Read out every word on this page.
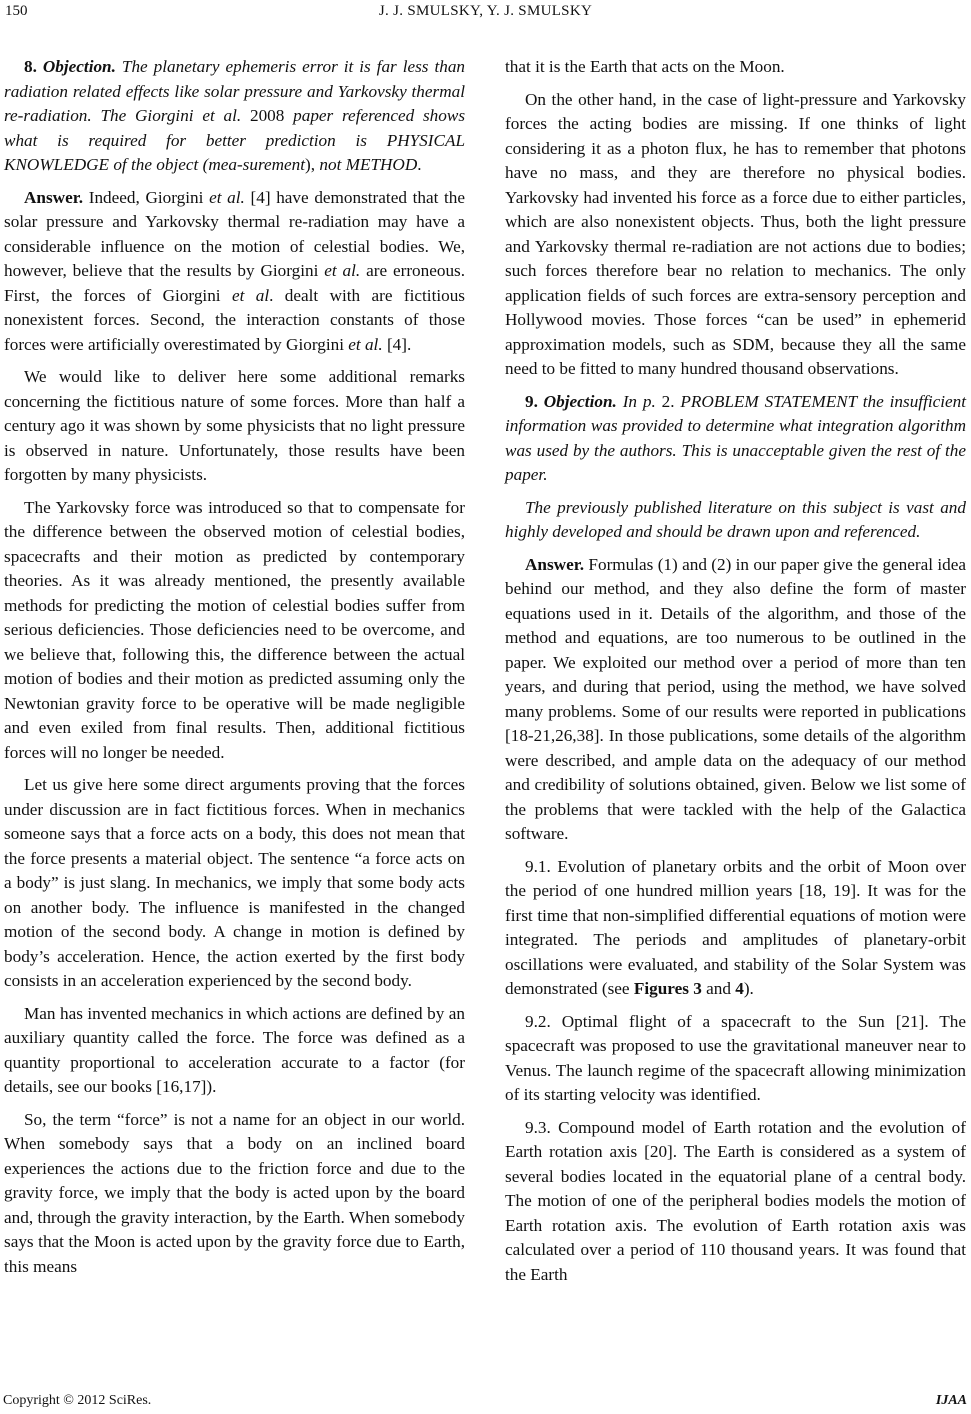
150	J. J. SMULSKY, Y. J. SMULSKY

8. Objection. The planetary ephemeris error it is far less than radiation related effects like solar pressure and Yarkovsky thermal re-radiation. The Giorgini et al. 2008 paper referenced shows what is required for better prediction is PHYSICAL KNOWLEDGE of the object (mea-surement), not METHOD.

Answer. Indeed, Giorgini et al. [4] have demonstrated that the solar pressure and Yarkovsky thermal re-radiation may have a considerable influence on the motion of celestial bodies. We, however, believe that the results by Giorgini et al. are erroneous. First, the forces of Giorgini et al. dealt with are fictitious nonexistent forces. Second, the interaction constants of those forces were artificially overestimated by Giorgini et al. [4].

We would like to deliver here some additional remarks concerning the fictitious nature of some forces. More than half a century ago it was shown by some physicists that no light pressure is observed in nature. Unfortunately, those results have been forgotten by many physicists.

The Yarkovsky force was introduced so that to compensate for the difference between the observed motion of celestial bodies, spacecrafts and their motion as predicted by contemporary theories. As it was already mentioned, the presently available methods for predicting the motion of celestial bodies suffer from serious deficiencies. Those deficiencies need to be overcome, and we believe that, following this, the difference between the actual motion of bodies and their motion as predicted assuming only the Newtonian gravity force to be operative will be made negligible and even exiled from final results. Then, additional fictitious forces will no longer be needed.

Let us give here some direct arguments proving that the forces under discussion are in fact fictitious forces. When in mechanics someone says that a force acts on a body, this does not mean that the force presents a material object. The sentence “a force acts on a body” is just slang. In mechanics, we imply that some body acts on another body. The influence is manifested in the changed motion of the second body. A change in motion is defined by body’s acceleration. Hence, the action exerted by the first body consists in an acceleration experienced by the second body.

Man has invented mechanics in which actions are defined by an auxiliary quantity called the force. The force was defined as a quantity proportional to acceleration accurate to a factor (for details, see our books [16,17]).

So, the term “force” is not a name for an object in our world. When somebody says that a body on an inclined board experiences the actions due to the friction force and due to the gravity force, we imply that the body is acted upon by the board and, through the gravity interaction, by the Earth. When somebody says that the Moon is acted upon by the gravity force due to Earth, this means

that it is the Earth that acts on the Moon.

On the other hand, in the case of light-pressure and Yarkovsky forces the acting bodies are missing. If one thinks of light considering it as a photon flux, he has to remember that photons have no mass, and they are therefore no physical bodies. Yarkovsky had invented his force as a force due to either particles, which are also nonexistent objects. Thus, both the light pressure and Yarkovsky thermal re-radiation are not actions due to bodies; such forces therefore bear no relation to mechanics. The only application fields of such forces are extra-sensory perception and Hollywood movies. Those forces “can be used” in ephemerid approximation models, such as SDM, because they all the same need to be fitted to many hundred thousand observations.

9. Objection. In p. 2. PROBLEM STATEMENT the insufficient information was provided to determine what integration algorithm was used by the authors. This is unacceptable given the rest of the paper.

The previously published literature on this subject is vast and highly developed and should be drawn upon and referenced.

Answer. Formulas (1) and (2) in our paper give the general idea behind our method, and they also define the form of master equations used in it. Details of the algorithm, and those of the method and equations, are too numerous to be outlined in the paper. We exploited our method over a period of more than ten years, and during that period, using the method, we have solved many problems. Some of our results were reported in publications [18-21,26,38]. In those publications, some details of the algorithm were described, and ample data on the adequacy of our method and credibility of solutions obtained, given. Below we list some of the problems that were tackled with the help of the Galactica software.

9.1. Evolution of planetary orbits and the orbit of Moon over the period of one hundred million years [18, 19]. It was for the first time that non-simplified differential equations of motion were integrated. The periods and amplitudes of planetary-orbit oscillations were evaluated, and stability of the Solar System was demonstrated (see Figures 3 and 4).

9.2. Optimal flight of a spacecraft to the Sun [21]. The spacecraft was proposed to use the gravitational maneuver near to Venus. The launch regime of the spacecraft allowing minimization of its starting velocity was identified.

9.3. Compound model of Earth rotation and the evolution of Earth rotation axis [20]. The Earth is considered as a system of several bodies located in the equatorial plane of a central body. The motion of one of the peripheral bodies models the motion of Earth rotation axis. The evolution of Earth rotation axis was calculated over a period of 110 thousand years. It was found that the Earth

Copyright © 2012 SciRes.	IJAA
